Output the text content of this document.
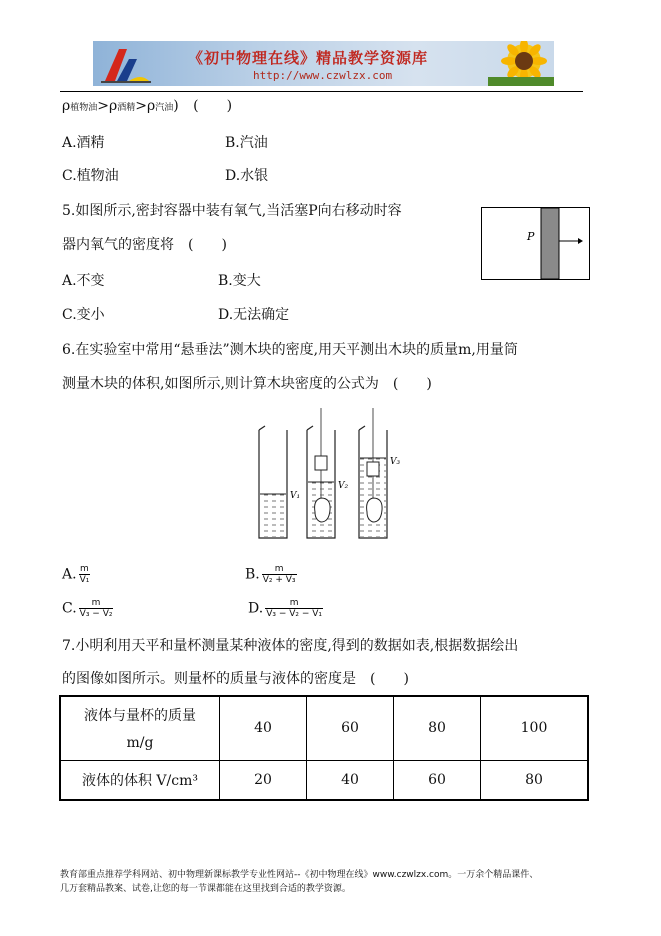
《初中物理在线》精品教学资源库
http://www.czwlzx.com
ρ植物油>ρ酒精>ρ汽油) (　　)
A.酒精	B.汽油
C.植物油	D.水银
5.如图所示,密封容器中装有氧气,当活塞P向右移动时容
器内氧气的密度将　(　　)
P
A.不变	B.变大
C.变小	D.无法确定
6.在实验室中常用“悬垂法”测木块的密度,用天平测出木块的质量m,用量筒
测量木块的体积,如图所示,则计算木块密度的公式为　(　　)
V₁
V₂
V₃
A. $\frac{m}{\text{V₁}}$	B. $\frac{m}{\text{V₂ + V₃}}$
C. $\frac{m}{\text{V₃ − V₂}}$	D. $\frac{m}{\text{V₃ − V₂ − V₁}}$
7.小明利用天平和量杯测量某种液体的密度,得到的数据如表,根据数据绘出
的图像如图所示。则量杯的质量与液体的密度是　(　　)
液体与量杯的质量
m/g	40	60	80	100
液体的体积 V/cm³	20	40	60	80
教育部重点推荐学科网站、初中物理新课标教学专业性网站--《初中物理在线》www.czwlzx.com。一万余个精品课件、
几万套精品教案、试卷,让您的每一节课都能在这里找到合适的教学资源。
